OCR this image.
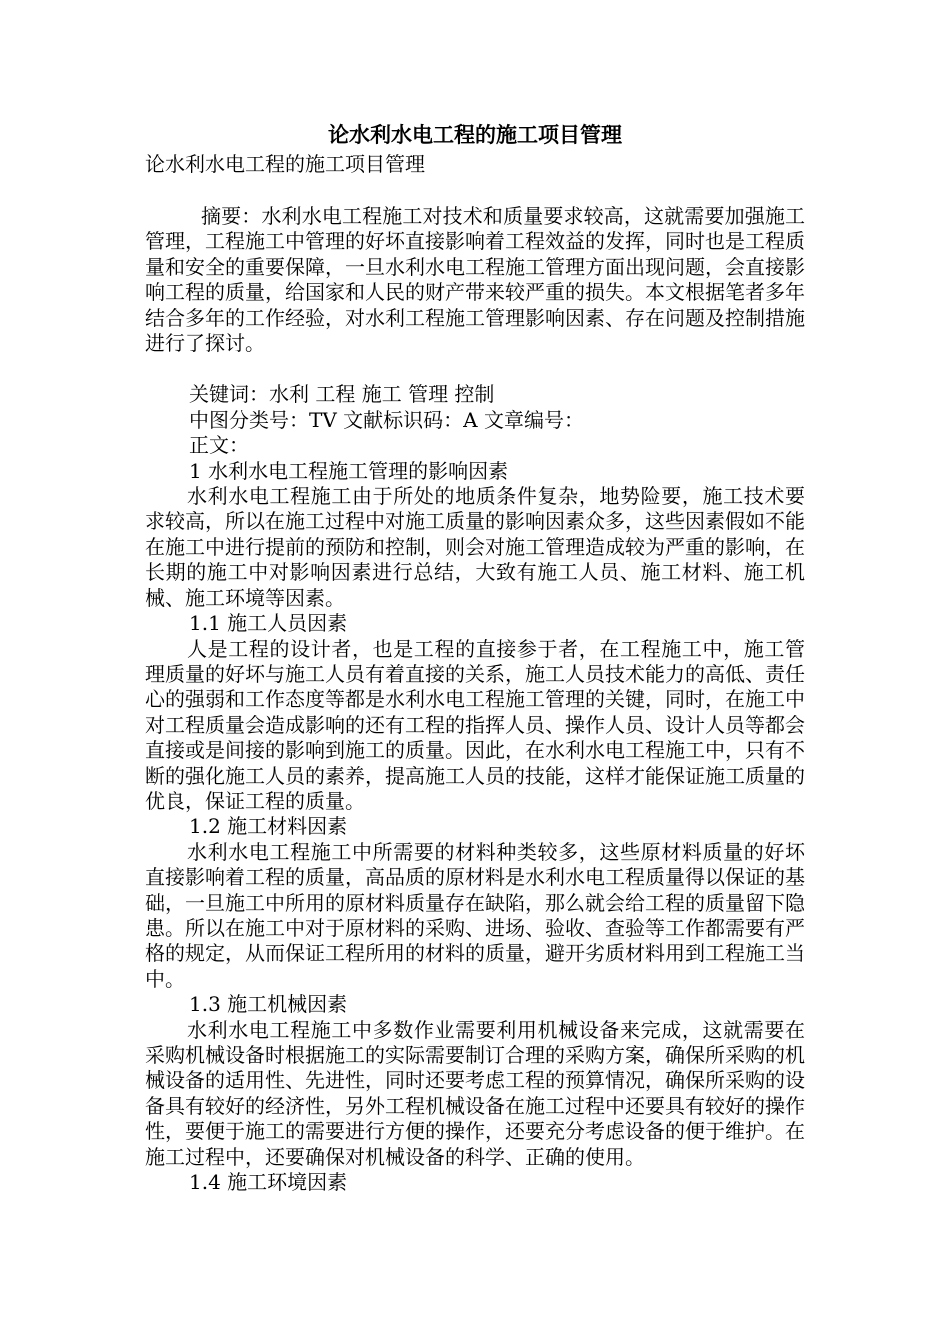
论水利水电工程的施工项目管理

论水利水电工程的施工项目管理

摘要：水利水电工程施工对技术和质量要求较高，这就需要加强施工管理，工程施工中管理的好坏直接影响着工程效益的发挥，同时也是工程质量和安全的重要保障，一旦水利水电工程施工管理方面出现问题，会直接影响工程的质量，给国家和人民的财产带来较严重的损失。本文根据笔者多年结合多年的工作经验，对水利工程施工管理影响因素、存在问题及控制措施进行了探讨。

关键词：水利 工程 施工 管理 控制

中图分类号：TV 文献标识码：A 文章编号：

正文：

1 水利水电工程施工管理的影响因素

水利水电工程施工由于所处的地质条件复杂，地势险要，施工技术要求较高，所以在施工过程中对施工质量的影响因素众多，这些因素假如不能在施工中进行提前的预防和控制，则会对施工管理造成较为严重的影响，在长期的施工中对影响因素进行总结，大致有施工人员、施工材料、施工机械、施工环境等因素。

1.1 施工人员因素

人是工程的设计者，也是工程的直接参于者，在工程施工中，施工管理质量的好坏与施工人员有着直接的关系，施工人员技术能力的高低、责任心的强弱和工作态度等都是水利水电工程施工管理的关键，同时，在施工中对工程质量会造成影响的还有工程的指挥人员、操作人员、设计人员等都会直接或是间接的影响到施工的质量。因此，在水利水电工程施工中，只有不断的强化施工人员的素养，提高施工人员的技能，这样才能保证施工质量的优良，保证工程的质量。

1.2 施工材料因素

水利水电工程施工中所需要的材料种类较多，这些原材料质量的好坏直接影响着工程的质量，高品质的原材料是水利水电工程质量得以保证的基础，一旦施工中所用的原材料质量存在缺陷，那么就会给工程的质量留下隐患。所以在施工中对于原材料的采购、进场、验收、查验等工作都需要有严格的规定，从而保证工程所用的材料的质量，避开劣质材料用到工程施工当中。

1.3 施工机械因素

水利水电工程施工中多数作业需要利用机械设备来完成，这就需要在采购机械设备时根据施工的实际需要制订合理的采购方案，确保所采购的机械设备的适用性、先进性，同时还要考虑工程的预算情况，确保所采购的设备具有较好的经济性，另外工程机械设备在施工过程中还要具有较好的操作性，要便于施工的需要进行方便的操作，还要充分考虑设备的便于维护。在施工过程中，还要确保对机械设备的科学、正确的使用。

1.4 施工环境因素
